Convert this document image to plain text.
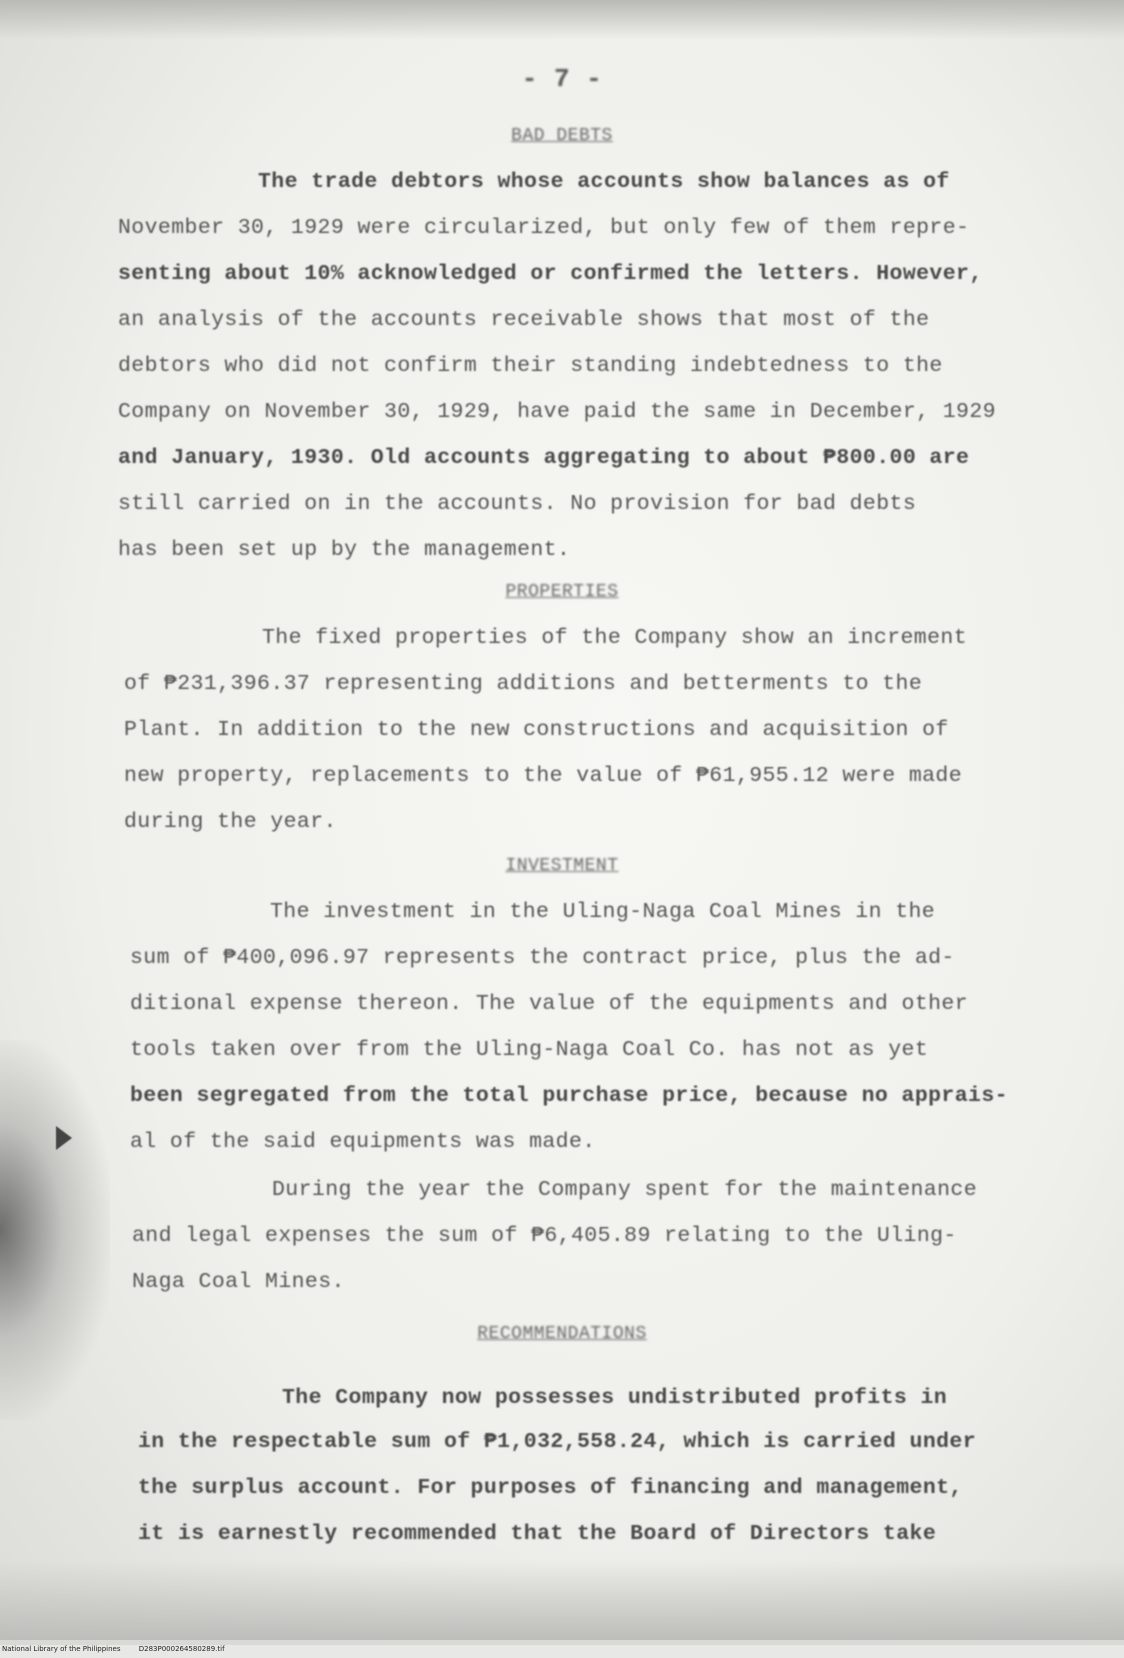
- 7 -
BAD DEBTS
The trade debtors whose accounts show balances as of
November 30, 1929 were circularized, but only few of them repre-
senting about 10% acknowledged or confirmed the letters. However,
an analysis of the accounts receivable shows that most of the
debtors who did not confirm their standing indebtedness to the
Company on November 30, 1929, have paid the same in December, 1929
and January, 1930. Old accounts aggregating to about ₱800.00 are
still carried on in the accounts. No provision for bad debts
has been set up by the management.
PROPERTIES
The fixed properties of the Company show an increment
of ₱231,396.37 representing additions and betterments to the
Plant. In addition to the new constructions and acquisition of
new property, replacements to the value of ₱61,955.12 were made
during the year.
INVESTMENT
The investment in the Uling-Naga Coal Mines in the
sum of ₱400,096.97 represents the contract price, plus the ad-
ditional expense thereon. The value of the equipments and other
tools taken over from the Uling-Naga Coal Co. has not as yet
been segregated from the total purchase price, because no apprais-
al of the said equipments was made.
During the year the Company spent for the maintenance
and legal expenses the sum of ₱6,405.89 relating to the Uling-
Naga Coal Mines.
RECOMMENDATIONS
The Company now possesses undistributed profits in
in the respectable sum of ₱1,032,558.24, which is carried under
the surplus account. For purposes of financing and management,
it is earnestly recommended that the Board of Directors take
National Library of the Philippines	D283P000264580289.tif
